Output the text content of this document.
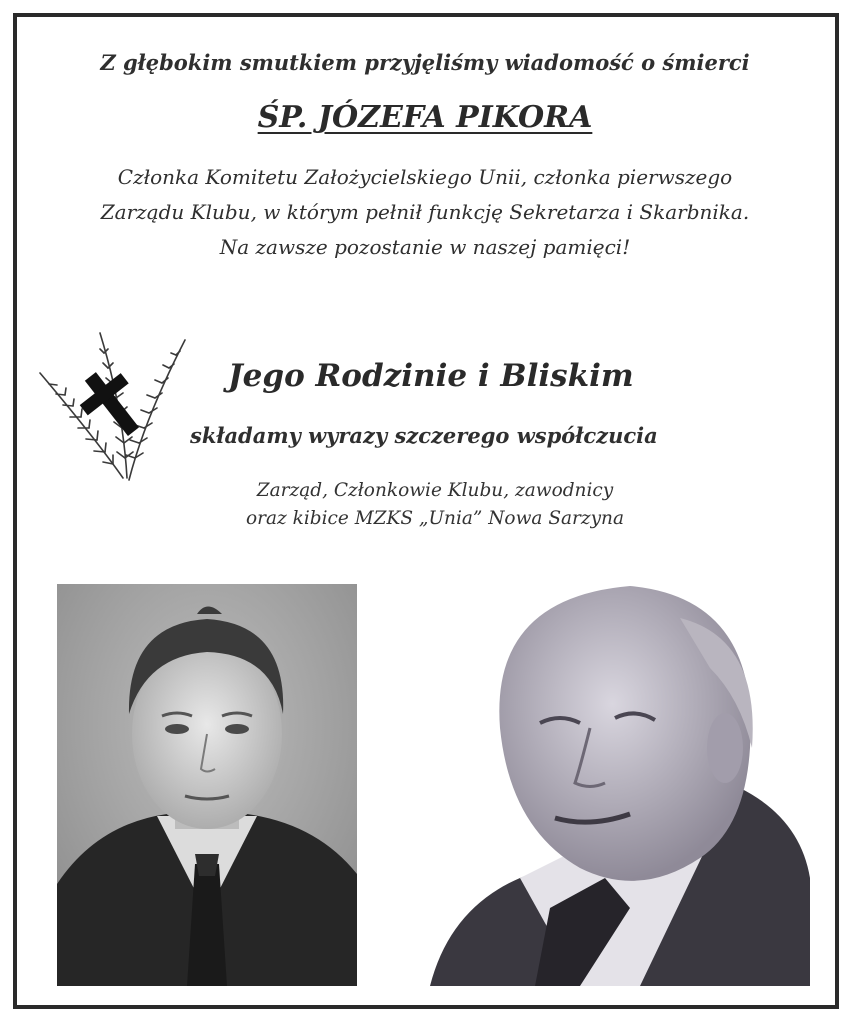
Z głębokim smutkiem przyjęliśmy wiadomość o śmierci
ŚP. JÓZEFA PIKORA
Członka Komitetu Założycielskiego Unii, członka pierwszego
Zarządu Klubu, w którym pełnił funkcję Sekretarza i Skarbnika.
Na zawsze pozostanie w naszej pamięci!
Jego Rodzinie i Bliskim
składamy wyrazy szczerego współczucia
Zarząd, Członkowie Klubu, zawodnicy
oraz kibice MZKS „Unia” Nowa Sarzyna
